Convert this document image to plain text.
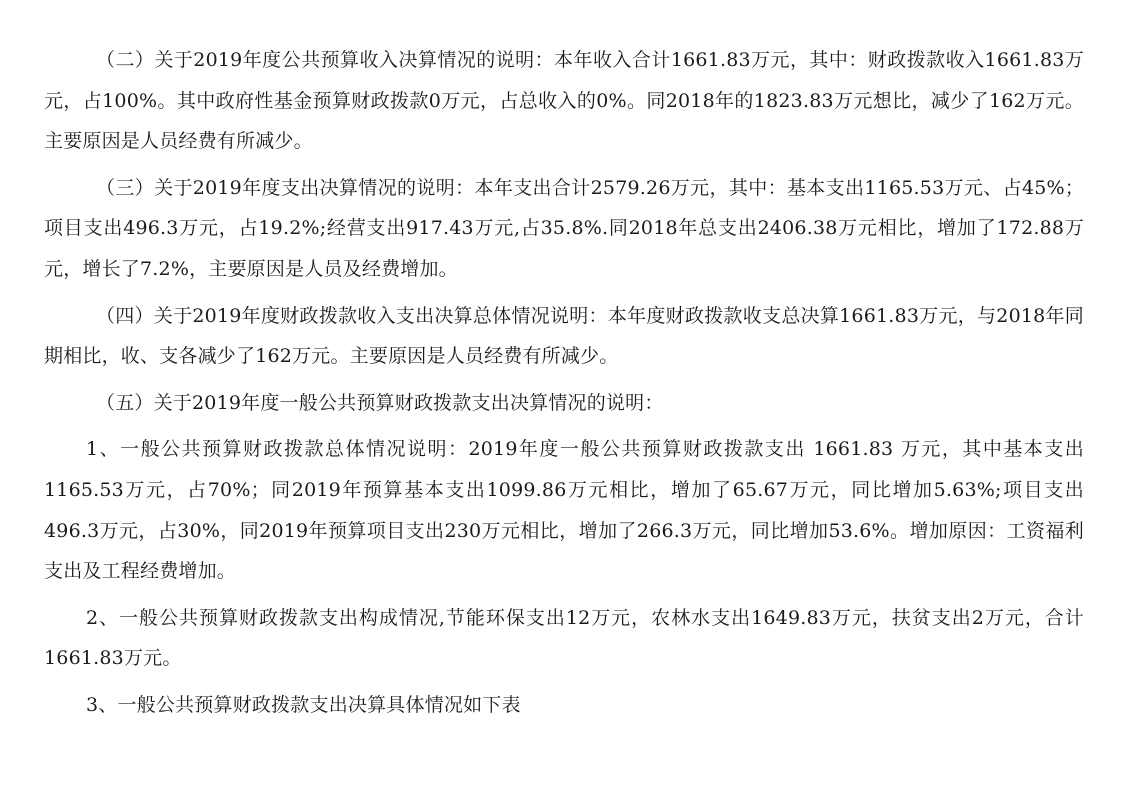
（二）关于2019年度公共预算收入决算情况的说明：本年收入合计1661.83万元，其中：财政拨款收入1661.83万元，占100%。其中政府性基金预算财政拨款0万元，占总收入的0%。同2018年的1823.83万元想比，减少了162万元。主要原因是人员经费有所减少。

（三）关于2019年度支出决算情况的说明：本年支出合计2579.26万元，其中：基本支出1165.53万元、占45%；项目支出496.3万元，占19.2%;经营支出917.43万元,占35.8%.同2018年总支出2406.38万元相比，增加了172.88万元，增长了7.2%，主要原因是人员及经费增加。

（四）关于2019年度财政拨款收入支出决算总体情况说明：本年度财政拨款收支总决算1661.83万元，与2018年同期相比，收、支各减少了162万元。主要原因是人员经费有所减少。

（五）关于2019年度一般公共预算财政拨款支出决算情况的说明：

1、一般公共预算财政拨款总体情况说明：2019年度一般公共预算财政拨款支出 1661.83 万元，其中基本支出 1165.53万元，占70%；同2019年预算基本支出1099.86万元相比，增加了65.67万元，同比增加5.63%;项目支出496.3万元，占30%，同2019年预算项目支出230万元相比，增加了266.3万元，同比增加53.6%。增加原因：工资福利支出及工程经费增加。

2、一般公共预算财政拨款支出构成情况,节能环保支出12万元，农林水支出1649.83万元，扶贫支出2万元，合计1661.83万元。

3、一般公共预算财政拨款支出决算具体情况如下表
